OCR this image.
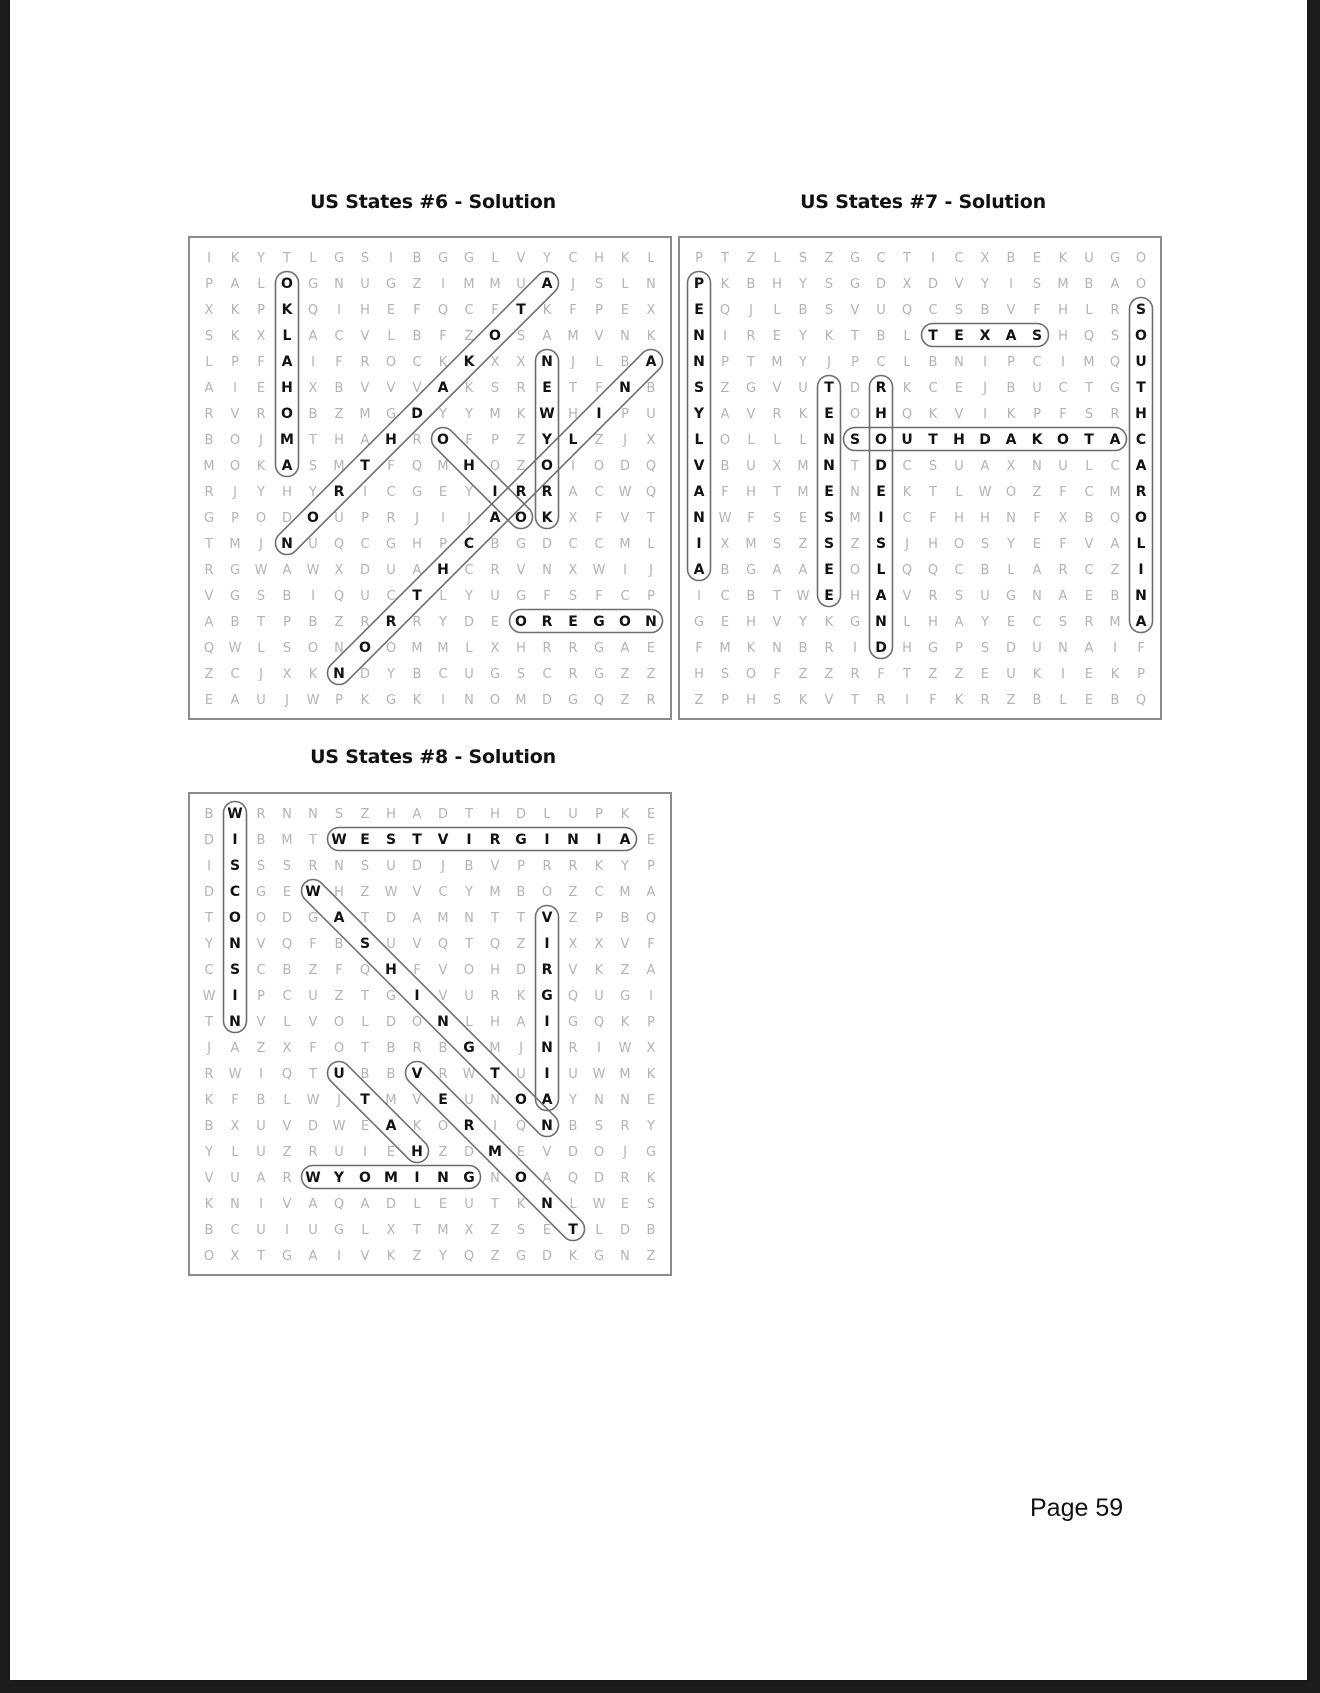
US States #6 - Solution
I K Y T L G S I B G G L V Y C H K L
P A L O G N U G Z I M M U A J S L N
X K P K Q I H E F Q C F T K F P E X
S K X L A C V L B F Z O S A M V N K
L P F A I F R O C K K X X N J L B A
A I E H X B V V V A K S R E T F N B
R V R O B Z M G D Y Y M K W H I P U
B O J M T H A H R O F P Z Y L Z J X
M O K A S M T F Q M H O Z O I O D Q
R J Y H Y R I C G E Y I R R A C W Q
G P O D O U P R J I J A O K X F V T
T M J N U Q C G H P C B G D C C M L
R G W A W X D U A H C R V N X W I J
V G S B I Q U C T L Y U G F S F C P
A B T P B Z R R R Y D E O R E G O N
Q W L S O N O O M M L X H R R G A E
Z C J X K N D Y B C U G S C R G Z Z
E A U J W P K G K I N O M D G Q Z R
US States #7 - Solution
P T Z L S Z G C T I C X B E K U G O
P K B H Y S G D X D V Y I S M B A O
E Q J L B S V U Q C S B V F H L R S
N I R E Y K T B L T E X A S H Q S O
N P T M Y J P C L B N I P C I M Q U
S Z G V U T D R K C E J B U C T G T
Y A V R K E O H Q K V I K P F S R H
L O L L L N S O U T H D A K O T A C
V B U X M N T D C S U A X N U L C A
A F H T M E N E K T L W O Z F C M R
N W F S E S M I C F H H N F X B Q O
I X M S Z S Z S J H O S Y E F V A L
A B G A A E O L Q Q C B L A R C Z I
I C B T W E H A V R S U G N A E B N
G E H V Y K G N L H A Y E C S R M A
F M K N B R I D H G P S D U N A I F
H S O F Z Z R F T Z Z E U K I E K P
Z P H S K V T R I F K R Z B L E B Q
US States #8 - Solution
B W R N N S Z H A D T H D L U P K E
D I B M T W E S T V I R G I N I A E
I S S S R N S U D J B V P R R K Y P
D C G E W H Z W V C Y M B O Z C M A
T O O D G A T D A M N T T V Z P B Q
Y N V Q F B S U V Q T Q Z I X X V F
C S C B Z F Q H F V O H D R V K Z A
W I P C U Z T G I V U R K G Q U G I
T N V L V O L D O N L H A I G Q K P
J A Z X F O T B R B G M J N R I W X
R W I Q T U B B V R W T U I U W M K
K F B L W J T M V E U N O A Y N N E
B X U V D W E A K O R I Q N B S R Y
Y L U Z R U I E H Z D M E V D O J G
V U A R W Y O M I N G N O A Q D R K
K N I V A Q A D L E U T K N L W E S
B C U I U G L X T M X Z S E T L D B
O X T G A I V K Z Y Q Z G D K G N Z
Page 59
